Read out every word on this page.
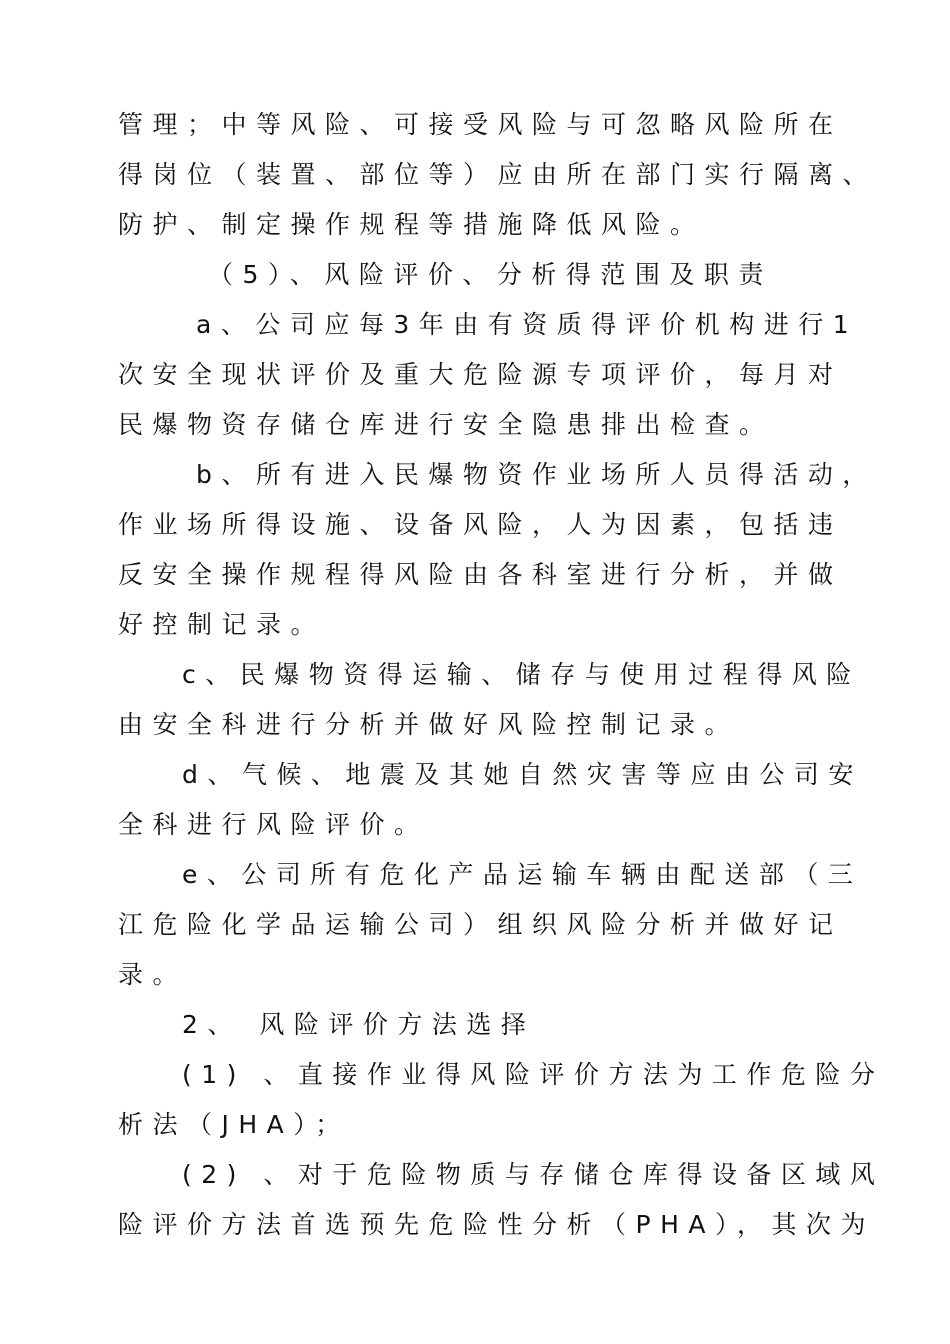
管理；中等风险、可接受风险与可忽略风险所在
得岗位（装置、部位等）应由所在部门实行隔离、
防护、制定操作规程等措施降低风险。
（5）、风险评价、分析得范围及职责
a、公司应每3年由有资质得评价机构进行1
次安全现状评价及重大危险源专项评价，每月对
民爆物资存储仓库进行安全隐患排出检查。
b、所有进入民爆物资作业场所人员得活动，
作业场所得设施、设备风险，人为因素，包括违
反安全操作规程得风险由各科室进行分析，并做
好控制记录。
c、民爆物资得运输、储存与使用过程得风险
由安全科进行分析并做好风险控制记录。
d、气候、地震及其她自然灾害等应由公司安
全科进行风险评价。
e、公司所有危化产品运输车辆由配送部（三
江危险化学品运输公司）组织风险分析并做好记
录。
2、 风险评价方法选择
(1) 、直接作业得风险评价方法为工作危险分
析法（JHA）；
(2) 、对于危险物质与存储仓库得设备区域风
险评价方法首选预先危险性分析（PHA），其次为
